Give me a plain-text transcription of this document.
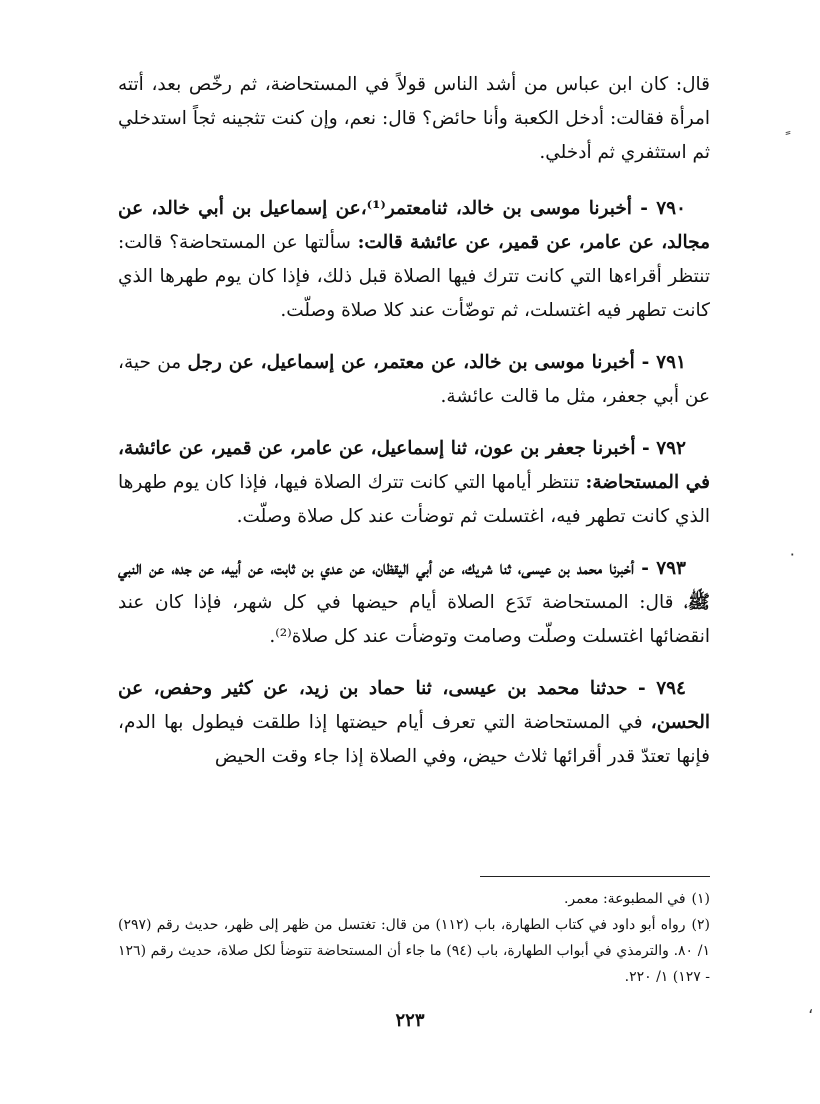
قال: كان ابن عباس من أشد الناس قولاً في المستحاضة، ثم رخّص بعد، أتته امرأة فقالت: أدخل الكعبة وأنا حائض؟ قال: نعم، وإن كنت تثجينه ثجاً استدخلي ثم استثفري ثم أدخلي.

٧٩٠ - أخبرنا موسى بن خالد، ثنامعتمر⁽¹⁾،عن إسماعيل بن أبي خالد، عن مجالد، عن عامر، عن قمير، عن عائشة قالت: سألتها عن المستحاضة؟ قالت: تنتظر أقراءها التي كانت تترك فيها الصلاة قبل ذلك، فإذا كان يوم طهرها الذي كانت تطهر فيه اغتسلت، ثم توضّأت عند كلا صلاة وصلّت.

٧٩١ - أخبرنا موسى بن خالد، عن معتمر، عن إسماعيل، عن رجل من حية، عن أبي جعفر، مثل ما قالت عائشة.

٧٩٢ - أخبرنا جعفر بن عون، ثنا إسماعيل، عن عامر، عن قمير، عن عائشة، في المستحاضة: تنتظر أيامها التي كانت تترك الصلاة فيها، فإذا كان يوم طهرها الذي كانت تطهر فيه، اغتسلت ثم توضأت عند كل صلاة وصلّت.

٧٩٣ - أخبرنا محمد بن عيسى، ثنا شريك، عن أبي اليقظان، عن عدي بن ثابت، عن أبيه، عن جده، عن النبي ﷺ، قال: المستحاضة تَدَع الصلاة أيام حيضها في كل شهر، فإذا كان عند انقضائها اغتسلت وصلّت وصامت وتوضأت عند كل صلاة⁽²⁾.

٧٩٤ - حدثنا محمد بن عيسى، ثنا حماد بن زيد، عن كثير وحفص، عن الحسن، في المستحاضة التي تعرف أيام حيضتها إذا طلقت فيطول بها الدم، فإنها تعتدّ قدر أقرائها ثلاث حيض، وفي الصلاة إذا جاء وقت الحيض

(١)في المطبوعة: معمر.

(٢)رواه أبو داود في كتاب الطهارة، باب (١١٢) من قال: تغتسل من ظهر إلى ظهر، حديث رقم (٢٩٧) ١/ ٨٠. والترمذي في أبواب الطهارة، باب (٩٤) ما جاء أن المستحاضة تتوضأ لكل صلاة، حديث رقم (١٢٦ - ١٢٧) ١/ ٢٢٠.

٢٢٣
٠
،
